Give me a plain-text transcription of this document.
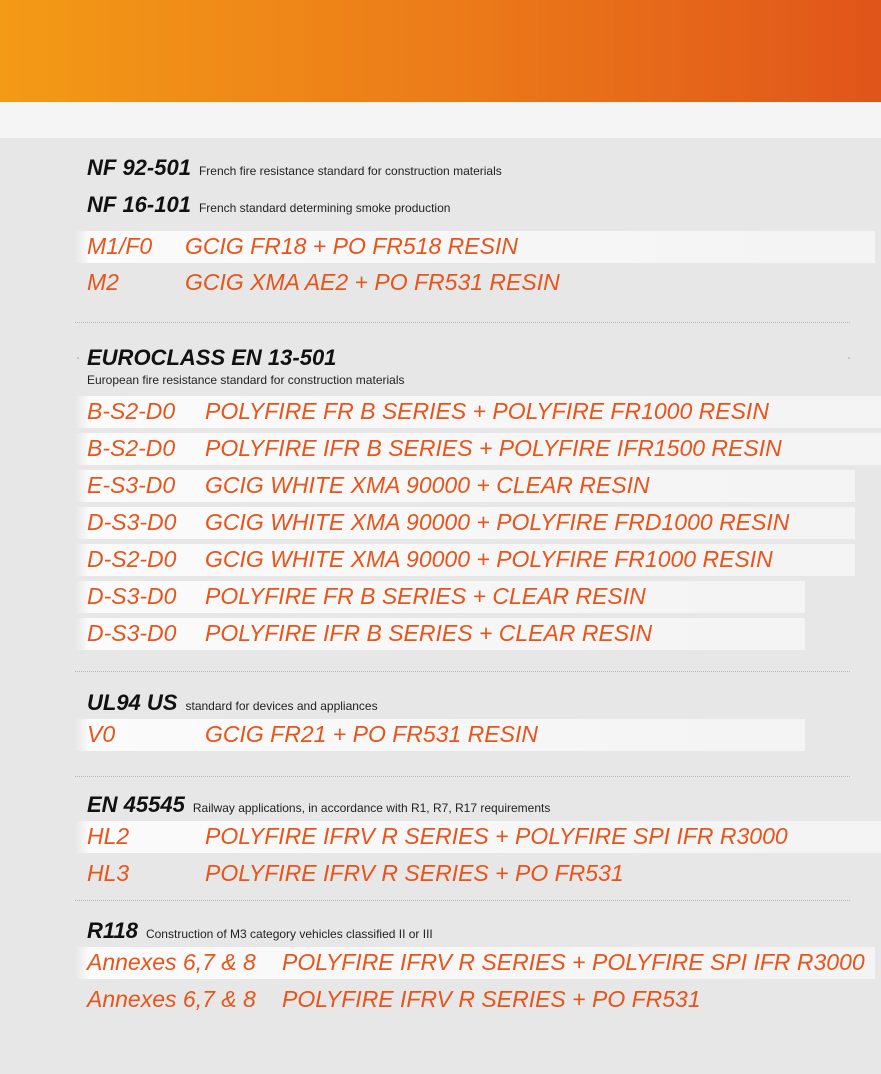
NF 92-501 French fire resistance standard for construction materials
NF 16-101 French standard determining smoke production
M1/F0 GCIG FR18 + PO FR518 RESIN
M2	GCIG XMA AE2 + PO FR531 RESIN
EUROCLASS EN 13-501
European fire resistance standard for construction materials
B-S2-D0 POLYFIRE FR B SERIES + POLYFIRE FR1000 RESIN
B-S2-D0 POLYFIRE IFR B SERIES + POLYFIRE IFR1500 RESIN
E-S3-D0 GCIG WHITE XMA 90000 + CLEAR RESIN
D-S3-D0 GCIG WHITE XMA 90000 + POLYFIRE FRD1000 RESIN
D-S2-D0 GCIG WHITE XMA 90000 + POLYFIRE FR1000 RESIN
D-S3-D0 POLYFIRE FR B SERIES + CLEAR RESIN
D-S3-D0 POLYFIRE IFR B SERIES + CLEAR RESIN
UL94 US standard for devices and appliances
V0	GCIG FR21 + PO FR531 RESIN
EN 45545 Railway applications, in accordance with R1, R7, R17 requirements
HL2	POLYFIRE IFRV R SERIES + POLYFIRE SPI IFR R3000
HL3	POLYFIRE IFRV R SERIES + PO FR531
R118 Construction of M3 category vehicles classified II or III
Annexes 6,7 & 8 POLYFIRE IFRV R SERIES + POLYFIRE SPI IFR R3000
Annexes 6,7 & 8 POLYFIRE IFRV R SERIES + PO FR531
